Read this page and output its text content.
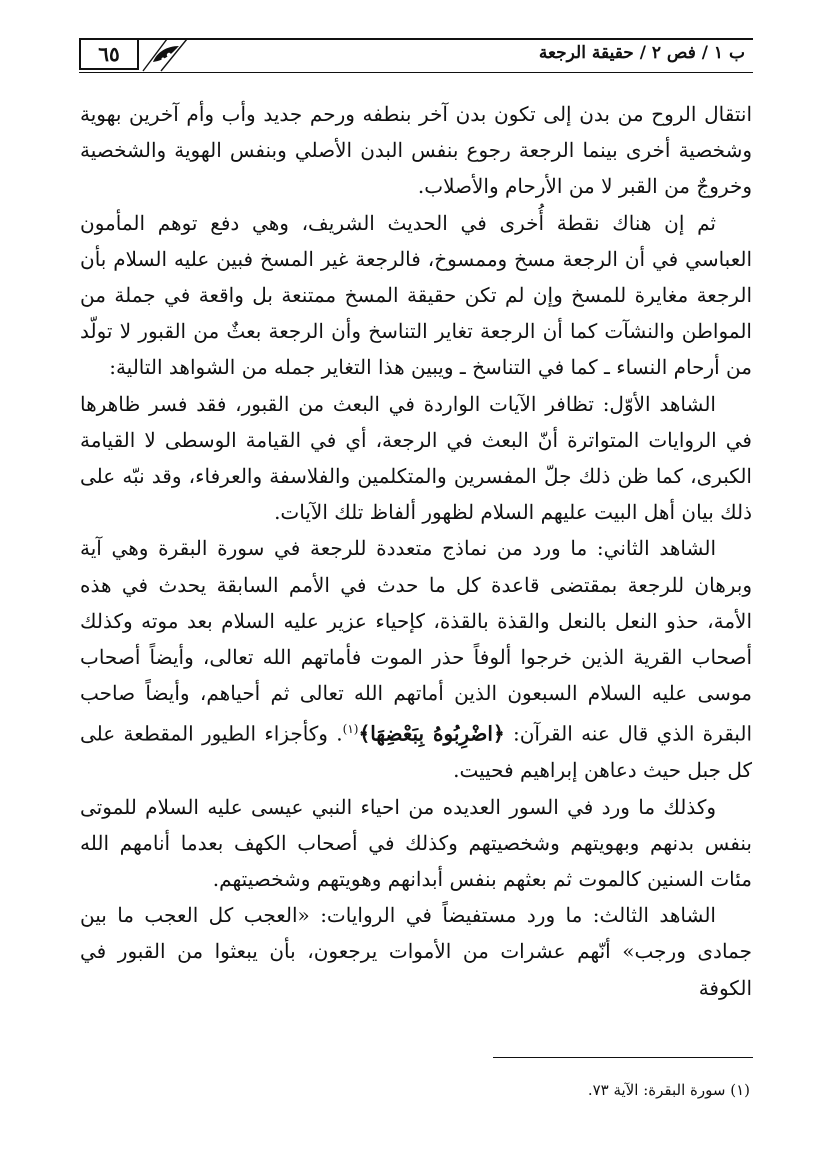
٦٥	ب ١ / فص ٢ / حقيقة الرجعة

انتقال الروح من بدن إلى تكون بدن آخر بنطفه ورحم جديد وأب وأم آخرين بهوية وشخصية أخرى بينما الرجعة رجوع بنفس البدن الأصلي وبنفس الهوية والشخصية وخروجٌ من القبر لا من الأرحام والأصلاب.

ثم إن هناك نقطة أُخرى في الحديث الشريف، وهي دفع توهم المأمون العباسي في أن الرجعة مسخ وممسوخ، فالرجعة غير المسخ فبين عليه السلام بأن الرجعة مغايرة للمسخ وإن لم تكن حقيقة المسخ ممتنعة بل واقعة في جملة من المواطن والنشآت كما أن الرجعة تغاير التناسخ وأن الرجعة بعثٌ من القبور لا تولّد من أرحام النساء ـ كما في التناسخ ـ ويبين هذا التغاير جمله من الشواهد التالية:

الشاهد الأوّل: تظافر الآيات الواردة في البعث من القبور، فقد فسر ظاهرها في الروايات المتواترة أنّ البعث في الرجعة، أي في القيامة الوسطى لا القيامة الكبرى، كما ظن ذلك جلّ المفسرين والمتكلمين والفلاسفة والعرفاء، وقد نبّه على ذلك بيان أهل البيت عليهم السلام لظهور ألفاظ تلك الآيات.

الشاهد الثاني: ما ورد من نماذج متعددة للرجعة في سورة البقرة وهي آية وبرهان للرجعة بمقتضى قاعدة كل ما حدث في الأمم السابقة يحدث في هذه الأمة، حذو النعل بالنعل والقذة بالقذة، كإحياء عزير عليه السلام بعد موته وكذلك أصحاب القرية الذين خرجوا ألوفاً حذر الموت فأماتهم الله تعالى، وأيضاً أصحاب موسى عليه السلام السبعون الذين أماتهم الله تعالى ثم أحياهم، وأيضاً صاحب البقرة الذي قال عنه القرآن: ﴿اضْرِبُوهُ بِبَعْضِهَا﴾$^{(١)}$. وكأجزاء الطيور المقطعة على كل جبل حيث دعاهن إبراهيم فحييت.

وكذلك ما ورد في السور العديده من احياء النبي عيسى عليه السلام للموتى بنفس بدنهم وبهويتهم وشخصيتهم وكذلك في أصحاب الكهف بعدما أنامهم الله مئات السنين كالموت ثم بعثهم بنفس أبدانهم وهويتهم وشخصيتهم.

الشاهد الثالث: ما ورد مستفيضاً في الروايات: «العجب كل العجب ما بين جمادى ورجب» أنّهم عشرات من الأموات يرجعون، بأن يبعثوا من القبور في الكوفة

(١) سورة البقرة: الآية ٧٣.
